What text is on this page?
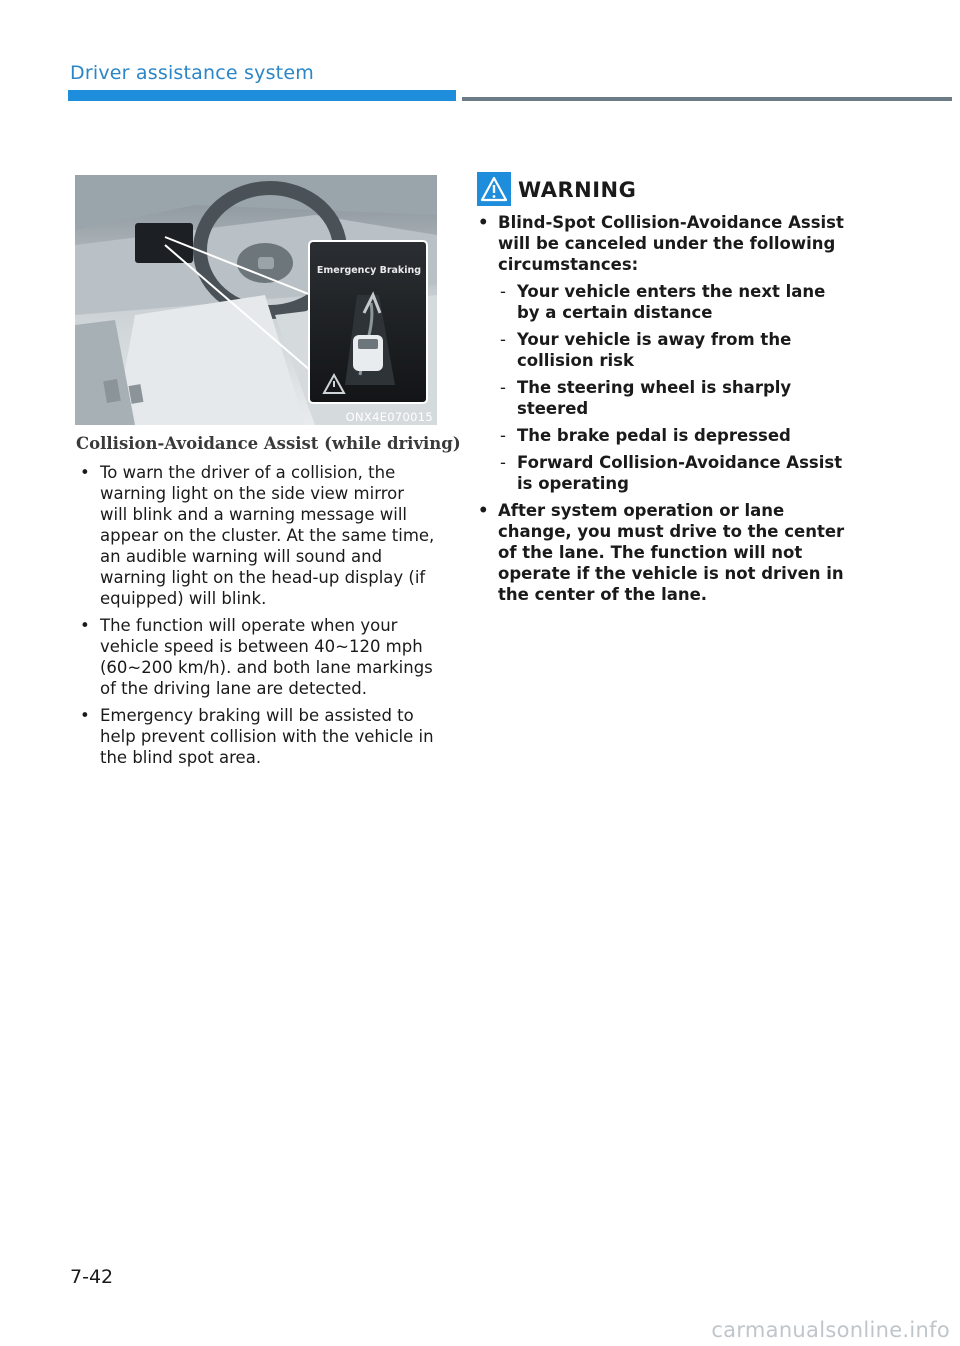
Driver assistance system
Emergency Braking
ONX4E070015
Collision-Avoidance Assist (while driving)
• To warn the driver of a collision, the warning light on the side view mirror will blink and a warning message will appear on the cluster. At the same time, an audible warning will sound and warning light on the head-up display (if equipped) will blink.
• The function will operate when your vehicle speed is between 40~120 mph (60~200 km/h). and both lane markings of the driving lane are detected.
• Emergency braking will be assisted to help prevent collision with the vehicle in the blind spot area.
WARNING
• Blind-Spot Collision-Avoidance Assist will be canceled under the following circumstances:
- Your vehicle enters the next lane by a certain distance
- Your vehicle is away from the collision risk
- The steering wheel is sharply steered
- The brake pedal is depressed
- Forward Collision-Avoidance Assist is operating
• After system operation or lane change, you must drive to the center of the lane. The function will not operate if the vehicle is not driven in the center of the lane.
7-42
carmanualsonline.info
